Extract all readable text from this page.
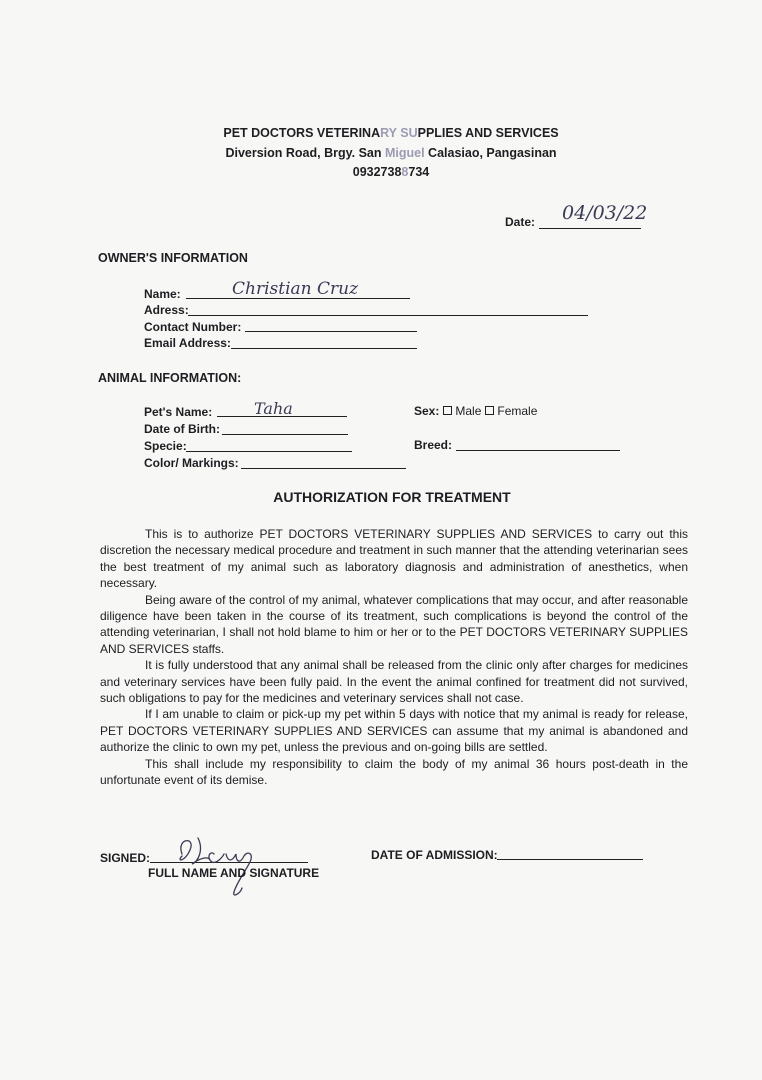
PET DOCTORS VETERINARY SUPPLIES AND SERVICES
Diversion Road, Brgy. San Miguel Calasiao, Pangasinan
09327388734
Date: 04/03/22
OWNER'S INFORMATION
Name:	Christian Cruz
Adress:
Contact Number:
Email Address:
ANIMAL INFORMATION:
Pet's Name:	Taha
Date of Birth:
Specie:
Color/ Markings:
Sex: Male Female
Breed:
AUTHORIZATION FOR TREATMENT

This is to authorize PET DOCTORS VETERINARY SUPPLIES AND SERVICES to carry out this discretion the necessary medical procedure and treatment in such manner that the attending veterinarian sees the best treatment of my animal such as laboratory diagnosis and administration of anesthetics, when necessary.

Being aware of the control of my animal, whatever complications that may occur, and after reasonable diligence have been taken in the course of its treatment, such complications is beyond the control of the attending veterinarian, I shall not hold blame to him or her or to the PET DOCTORS VETERINARY SUPPLIES AND SERVICES staffs.

It is fully understood that any animal shall be released from the clinic only after charges for medicines and veterinary services have been fully paid. In the event the animal confined for treatment did not survived, such obligations to pay for the medicines and veterinary services shall not case.

If I am unable to claim or pick-up my pet within 5 days with notice that my animal is ready for release, PET DOCTORS VETERINARY SUPPLIES AND SERVICES can assume that my animal is abandoned and authorize the clinic to own my pet, unless the previous and on-going bills are settled.

This shall include my responsibility to claim the body of my animal 36 hours post-death in the unfortunate event of its demise.

SIGNED:
FULL NAME AND SIGNATURE
DATE OF ADMISSION:
